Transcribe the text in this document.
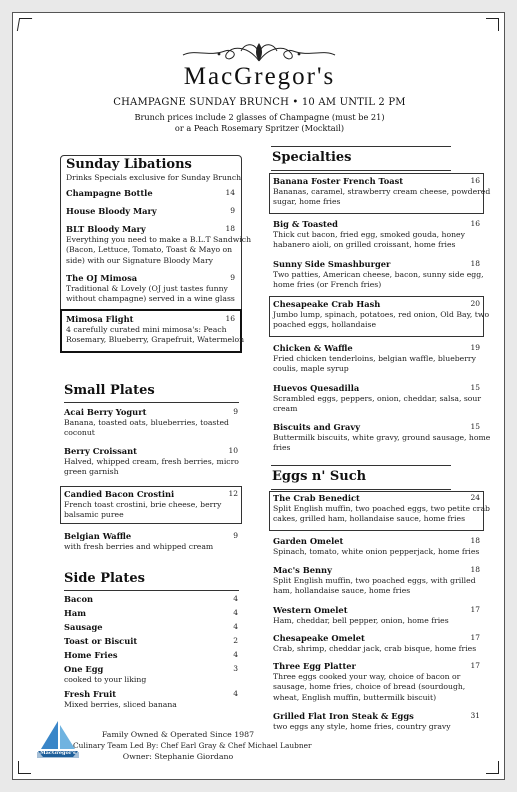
MacGregor's
CHAMPAGNE SUNDAY BRUNCH • 10 AM UNTIL 2 PM
Brunch prices include 2 glasses of Champagne (must be 21)
or a Peach Rosemary Spritzer (Mocktail)
Sunday Libations
Drinks Specials exclusive for Sunday Brunch
Champagne Bottle	14
House Bloody Mary	9
BLT Bloody Mary	18
Everything you need to make a B.L.T Sandwich
(Bacon, Lettuce, Tomato, Toast & Mayo on
side) with our Signature Bloody Mary
The OJ Mimosa	9
Traditional & Lovely (OJ just tastes funny
without champagne) served in a wine glass
Mimosa Flight	16
4 carefully curated mini mimosa's: Peach
Rosemary, Blueberry, Grapefruit, Watermelon
Small Plates
Acai Berry Yogurt	9
Banana, toasted oats, blueberries, toasted
coconut
Berry Croissant	10
Halved, whipped cream, fresh berries, micro
green garnish
Candied Bacon Crostini	12
French toast crostini, brie cheese, berry
balsamic puree
Belgian Waffle	9
with fresh berries and whipped cream
Side Plates
Bacon	4
Ham	4
Sausage	4
Toast or Biscuit	2
Home Fries	4
One Egg	3
cooked to your liking
Fresh Fruit	4
Mixed berries, sliced banana
MacGregor's
Family Owned & Operated Since 1987
Culinary Team Led By: Chef Earl Gray & Chef Michael Laubner
Owner: Stephanie Giordano
Specialties
Banana Foster French Toast	16
Bananas, caramel, strawberry cream cheese, powdered
sugar, home fries
Big & Toasted	16
Thick cut bacon, fried egg, smoked gouda, honey
habanero aioli, on grilled croissant, home fries
Sunny Side Smashburger	18
Two patties, American cheese, bacon, sunny side egg,
home fries (or French fries)
Chesapeake Crab Hash	20
Jumbo lump, spinach, potatoes, red onion, Old Bay, two
poached eggs, hollandaise
Chicken & Waffle	19
Fried chicken tenderloins, belgian waffle, blueberry
coulis, maple syrup
Huevos Quesadilla	15
Scrambled eggs, peppers, onion, cheddar, salsa, sour
cream
Biscuits and Gravy	15
Buttermilk biscuits, white gravy, ground sausage, home
fries
Eggs n' Such
The Crab Benedict	24
Split English muffin, two poached eggs, two petite crab
cakes, grilled ham, hollandaise sauce, home fries
Garden Omelet	18
Spinach, tomato, white onion pepperjack, home fries
Mac's Benny	18
Split English muffin, two poached eggs, with grilled
ham, hollandaise sauce, home fries
Western Omelet	17
Ham, cheddar, bell pepper, onion, home fries
Chesapeake Omelet	17
Crab, shrimp, cheddar jack, crab bisque, home fries
Three Egg Platter	17
Three eggs cooked your way, choice of bacon or
sausage, home fries, choice of bread (sourdough,
wheat, English muffin, buttermilk biscuit)
Grilled Flat Iron Steak & Eggs	31
two eggs any style, home fries, country gravy
